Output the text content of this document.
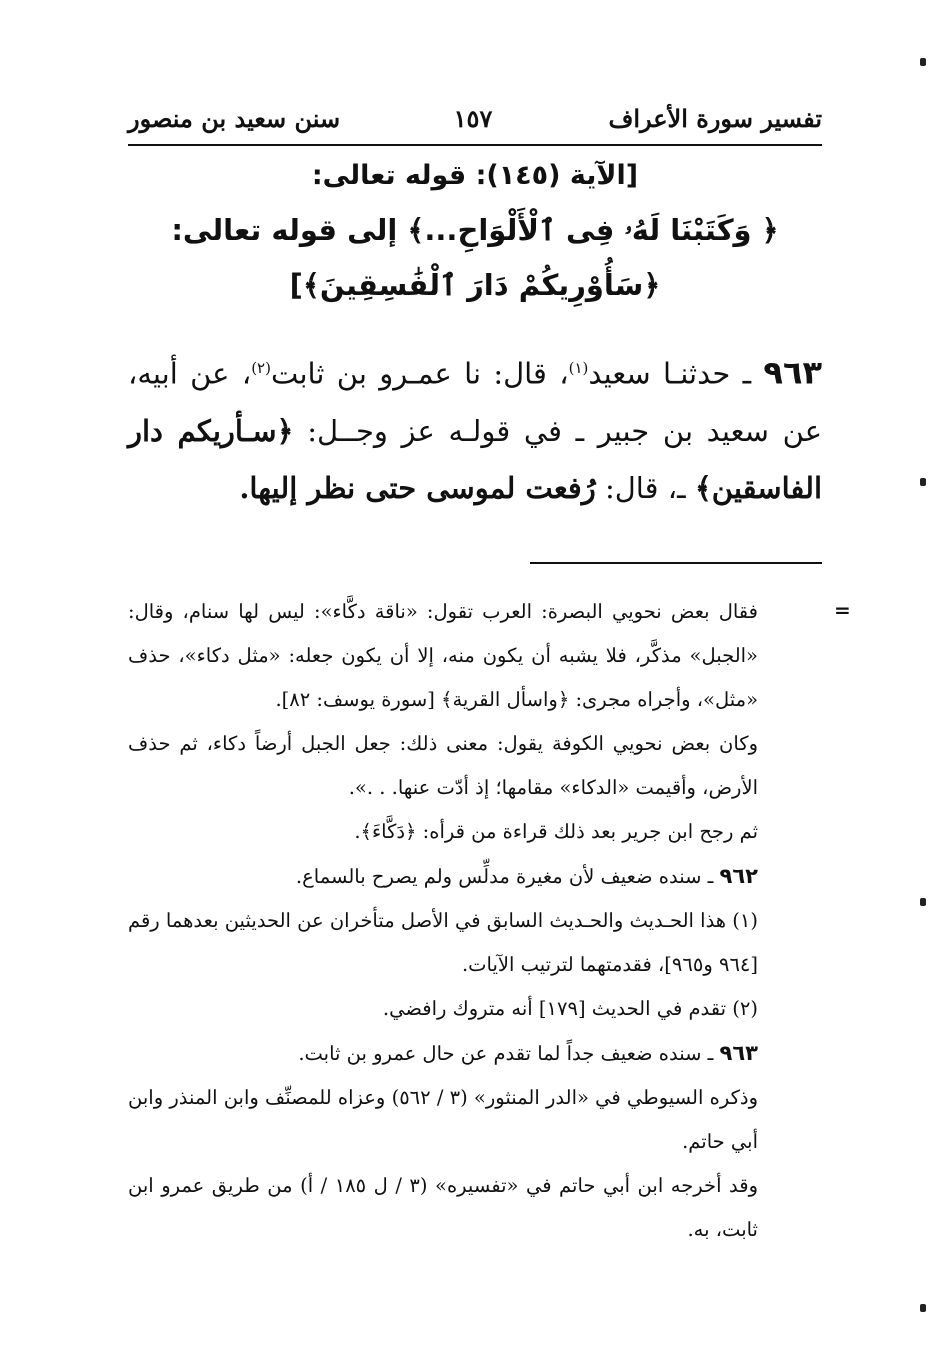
تفسير سورة الأعراف
١٥٧
سنن سعيد بن منصور
[الآية (١٤٥): قوله تعالى:
﴿ وَكَتَبْنَا لَهُۥ فِى ٱلْأَلْوَاحِ...﴾ إلى قوله تعالى:
﴿سَأُوْرِيكُمْ دَارَ ٱلْفَٰسِقِينَ﴾]
٩٦٣ ـ حدثنـا سعيد$^{(١)}$، قال: نا عمـرو بن ثابت$^{(٢)}$، عن أبيه، عن سعيد بن جبير ـ في قولـه عز وجــل: ﴿سـأريكم دار الفاسقين﴾ ـ، قال: رُفعت لموسى حتى نظر إليها.
=

فقال بعض نحويي البصرة: العرب تقول: «ناقة دكَّاء»: ليس لها سنام، وقال: «الجبل» مذكَّر، فلا يشبه أن يكون منه، إلا أن يكون جعله: «مثل دكاء»، حذف «مثل»، وأجراه مجرى: ﴿واسأل القرية﴾ [سورة يوسف: ٨٢].

وكان بعض نحويي الكوفة يقول: معنى ذلك: جعل الجبل أرضاً دكاء، ثم حذف الأرض، وأقيمت «الدكاء» مقامها؛ إذ أدّت عنها. . .».

ثم رجح ابن جرير بعد ذلك قراءة من قرأه: ﴿دَكَّاءَ﴾.

٩٦٢ ـ سنده ضعيف لأن مغيرة مدلِّس ولم يصرح بالسماع.

(١) هذا الحـديث والحـديث السابق في الأصل متأخران عن الحديثين بعدهما رقم [٩٦٤ و٩٦٥]، فقدمتهما لترتيب الآيات.

(٢) تقدم في الحديث [١٧٩] أنه متروك رافضي.

٩٦٣ ـ سنده ضعيف جداً لما تقدم عن حال عمرو بن ثابت.

وذكره السيوطي في «الدر المنثور» (٣ / ٥٦٢) وعزاه للمصنِّف وابن المنذر وابن أبي حاتم.

وقد أخرجه ابن أبي حاتم في «تفسيره» (٣ / ل ١٨٥ / أ) من طريق عمرو ابن ثابت، به.
